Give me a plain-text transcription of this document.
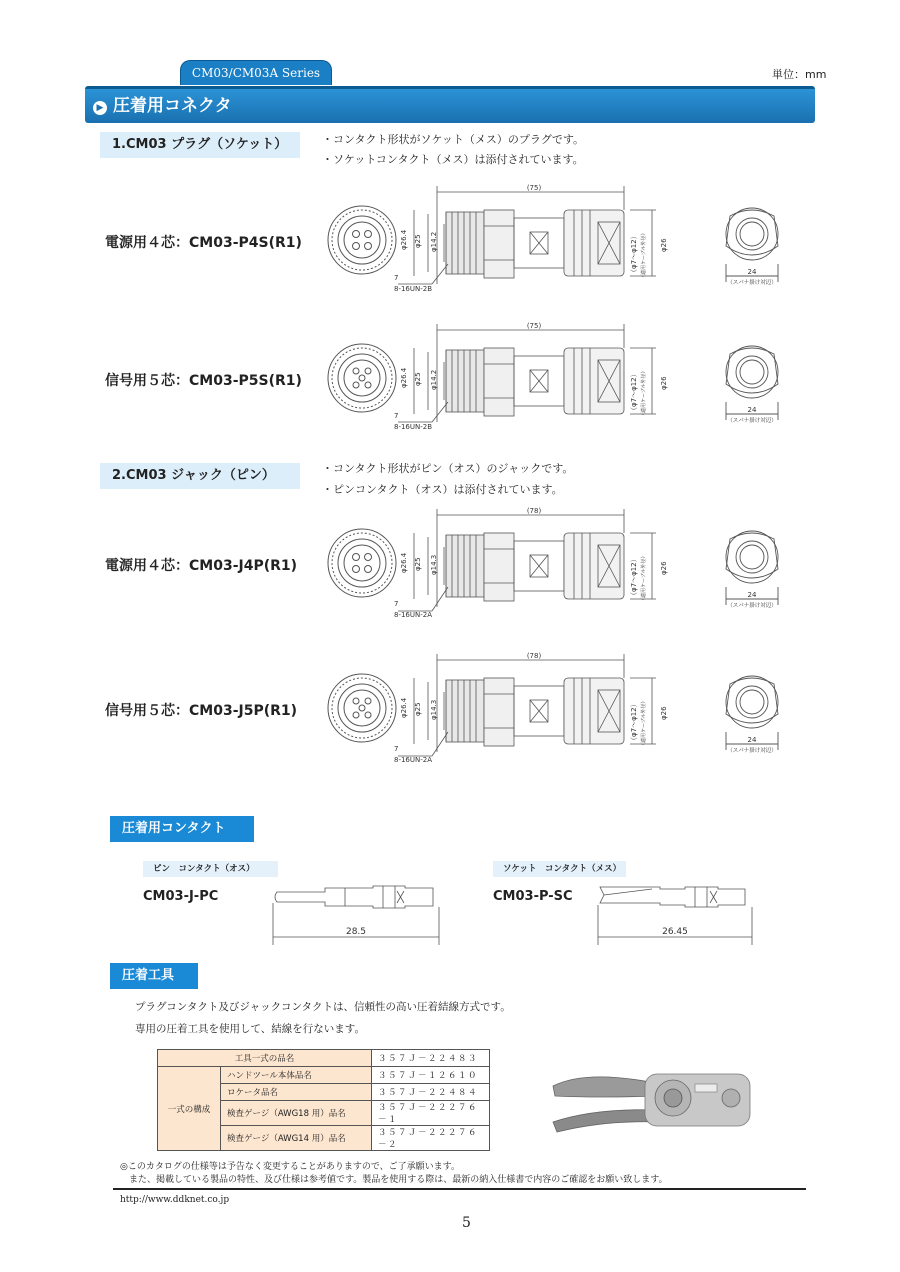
CM03/CM03A Series	単位：mm
▶ 圧着用コネクタ
1.CM03 プラグ（ソケット）	・コンタクト形状がソケット（メス）のプラグです。
・ソケットコンタクト（メス）は添付されています。
2.CM03 ジャック（ピン）	・コンタクト形状がピン（オス）のジャックです。
・ピンコンタクト（オス）は添付されています。
電源用４芯：CM03-P4S(R1)
(75)
φ26.4 φ25 φ14.2	（φ7～φ12） （適用ケーブル外径） φ26
7
8-16UN-2B
24
（スパナ掛け対辺）
信号用５芯：CM03-P5S(R1)
(75)
φ26.4 φ25 φ14.2	（φ7～φ12） （適用ケーブル外径） φ26
7
8-16UN-2B
24
（スパナ掛け対辺）
電源用４芯：CM03-J4P(R1)
(78)
φ26.4 φ25 φ14.3	（φ7～φ12） （適用ケーブル外径） φ26
7
8-16UN-2A
24
（スパナ掛け対辺）
信号用５芯：CM03-J5P(R1)
(78)
φ26.4 φ25 φ14.3	（φ7～φ12） （適用ケーブル外径） φ26
7
8-16UN-2A
24
（スパナ掛け対辺）
圧着用コンタクト
ピン　コンタクト（オス）
CM03-J-PC
ソケット　コンタクト（メス）
CM03-P-SC
28.5	26.45
圧着工具
プラグコンタクト及びジャックコンタクトは、信頼性の高い圧着結線方式です。
専用の圧着工具を使用して、結線を行ないます。
工具一式の品名		３５７Ｊ－２２４８３
一式の構成	ハンドツール本体品名	３５７Ｊ－１２６１０
	ロケータ品名	３５７Ｊ－２２４８４
	検査ゲージ（AWG18 用）品名	３５７Ｊ－２２２７６－１
	検査ゲージ（AWG14 用）品名	３５７Ｊ－２２２７６－２
◎このカタログの仕様等は予告なく変更することがありますので、ご了承願います。
　また、掲載している製品の特性、及び仕様は参考値です。製品を使用する際は、最新の納入仕様書で内容のご確認をお願い致します。
http://www.ddknet.co.jp
5
